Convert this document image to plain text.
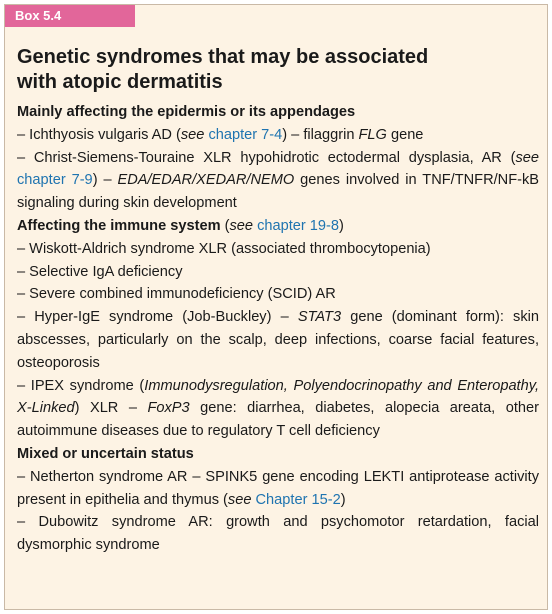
Box 5.4
Genetic syndromes that may be associated
with atopic dermatitis

Mainly affecting the epidermis or its appendages

– Ichthyosis vulgaris AD (see chapter 7-4) – filaggrin FLG gene

– Christ-Siemens-Touraine XLR hypohidrotic ectodermal dysplasia, AR (see chapter 7-9) – EDA/EDAR/XEDAR/NEMO genes involved in TNF/TNFR/NF-kB signaling during skin development

Affecting the immune system (see chapter 19-8)

– Wiskott-Aldrich syndrome XLR (associated thrombocytopenia)

– Selective IgA deficiency

– Severe combined immunodeficiency (SCID) AR

– Hyper-IgE syndrome (Job-Buckley) – STAT3 gene (dominant form): skin abscesses, particularly on the scalp, deep infections, coarse facial features, osteoporosis

– IPEX syndrome (Immunodysregulation, Polyendocrinopathy and Enteropathy, X-Linked) XLR – FoxP3 gene: diarrhea, diabetes, alopecia areata, other autoimmune diseases due to regulatory T cell deficiency

Mixed or uncertain status

– Netherton syndrome AR – SPINK5 gene encoding LEKTI antiprotease activity present in epithelia and thymus (see Chapter 15-2)

– Dubowitz syndrome AR: growth and psychomotor retardation, facial dysmorphic syndrome
